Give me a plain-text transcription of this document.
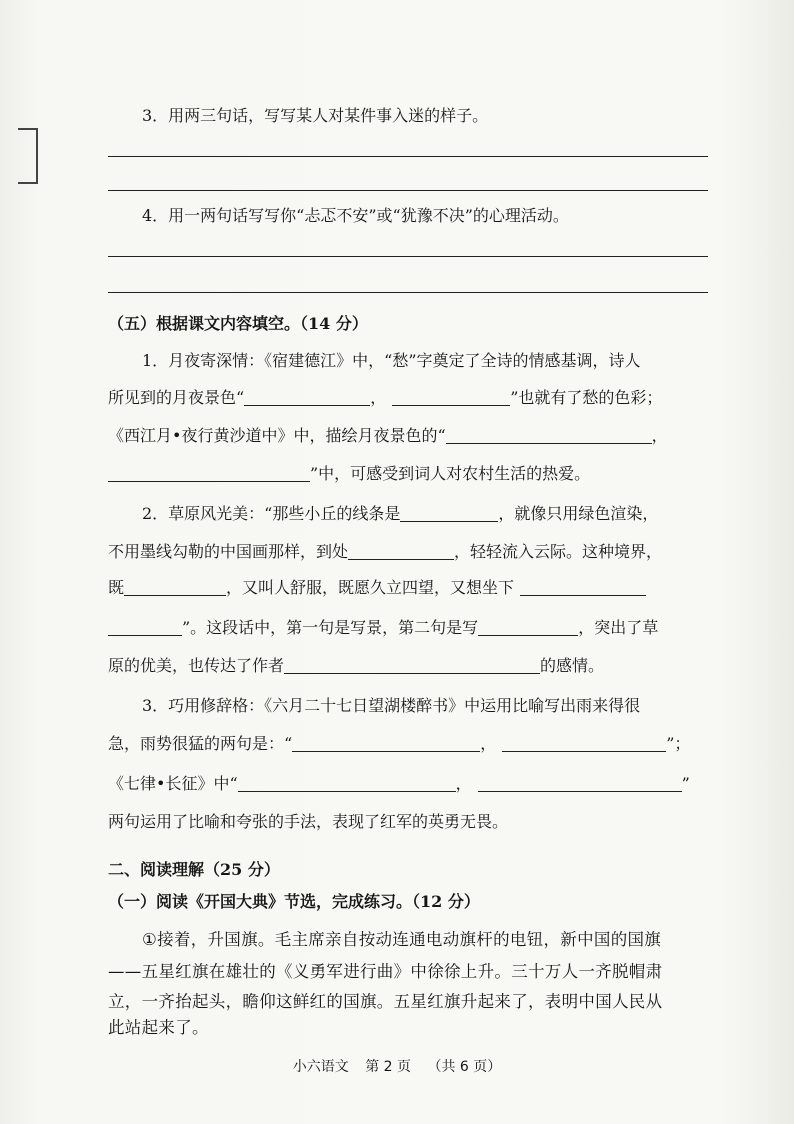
3．用两三句话，写写某人对某件事入迷的样子。
4．用一两句话写写你“忐忑不安”或“犹豫不决”的心理活动。
（五）根据课文内容填空。（14 分）
1．月夜寄深情：《宿建德江》中，“愁”字奠定了全诗的情感基调，诗人
所见到的月夜景色“	，	”也就有了愁的色彩；
《西江月•夜行黄沙道中》中，描绘月夜景色的“	，
”中，可感受到词人对农村生活的热爱。
2．草原风光美：“那些小丘的线条是	，就像只用绿色渲染，
不用墨线勾勒的中国画那样，到处	，轻轻流入云际。这种境界，
既	，又叫人舒服，既愿久立四望，又想坐下
”。这段话中，第一句是写景，第二句是写	，突出了草
原的优美，也传达了作者	的感情。
3．巧用修辞格：《六月二十七日望湖楼醉书》中运用比喻写出雨来得很
急，雨势很猛的两句是：“	，	”；
《七律•长征》中“	，	”
两句运用了比喻和夸张的手法，表现了红军的英勇无畏。
二、阅读理解（25 分）
（一）阅读《开国大典》节选，完成练习。（12 分）
①接着，升国旗。毛主席亲自按动连通电动旗杆的电钮，新中国的国旗
——五星红旗在雄壮的《义勇军进行曲》中徐徐上升。三十万人一齐脱帽肃
立，一齐抬起头，瞻仰这鲜红的国旗。五星红旗升起来了，表明中国人民从
此站起来了。
小六语文 第 2 页 （共 6 页）
